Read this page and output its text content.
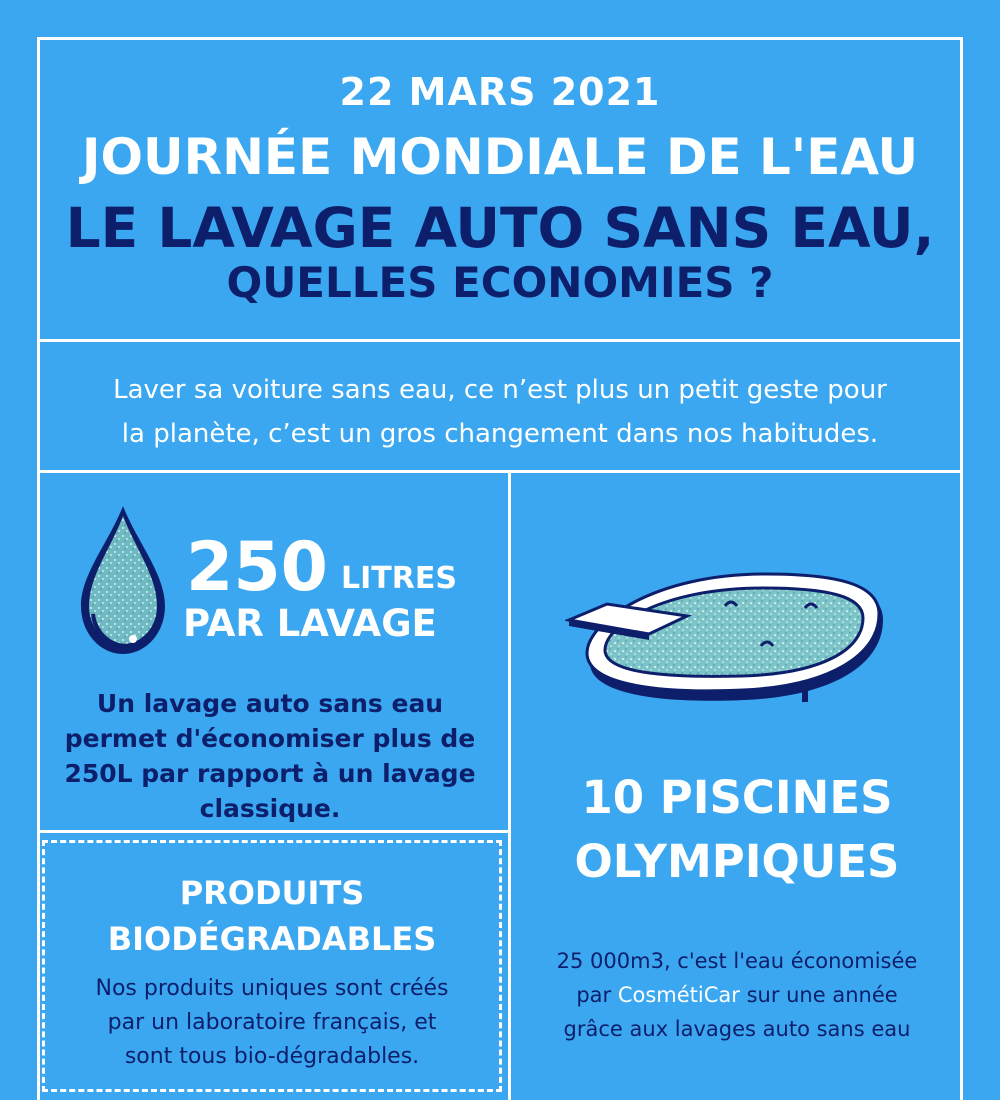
22 MARS 2021
JOURNÉE MONDIALE DE L'EAU
LE LAVAGE AUTO SANS EAU,
QUELLES ECONOMIES ?
Laver sa voiture sans eau, ce n’est plus un petit geste pour
la planète, c’est un gros changement dans nos habitudes.
250 LITRES
PAR LAVAGE
Un lavage auto sans eau
permet d'économiser plus de
250L par rapport à un lavage
classique.
PRODUITS
BIODÉGRADABLES
Nos produits uniques sont créés
par un laboratoire français, et
sont tous bio-dégradables.
10 PISCINES
OLYMPIQUES
25 000m3, c'est l'eau économisée
par CosmétiCar sur une année
grâce aux lavages auto sans eau
